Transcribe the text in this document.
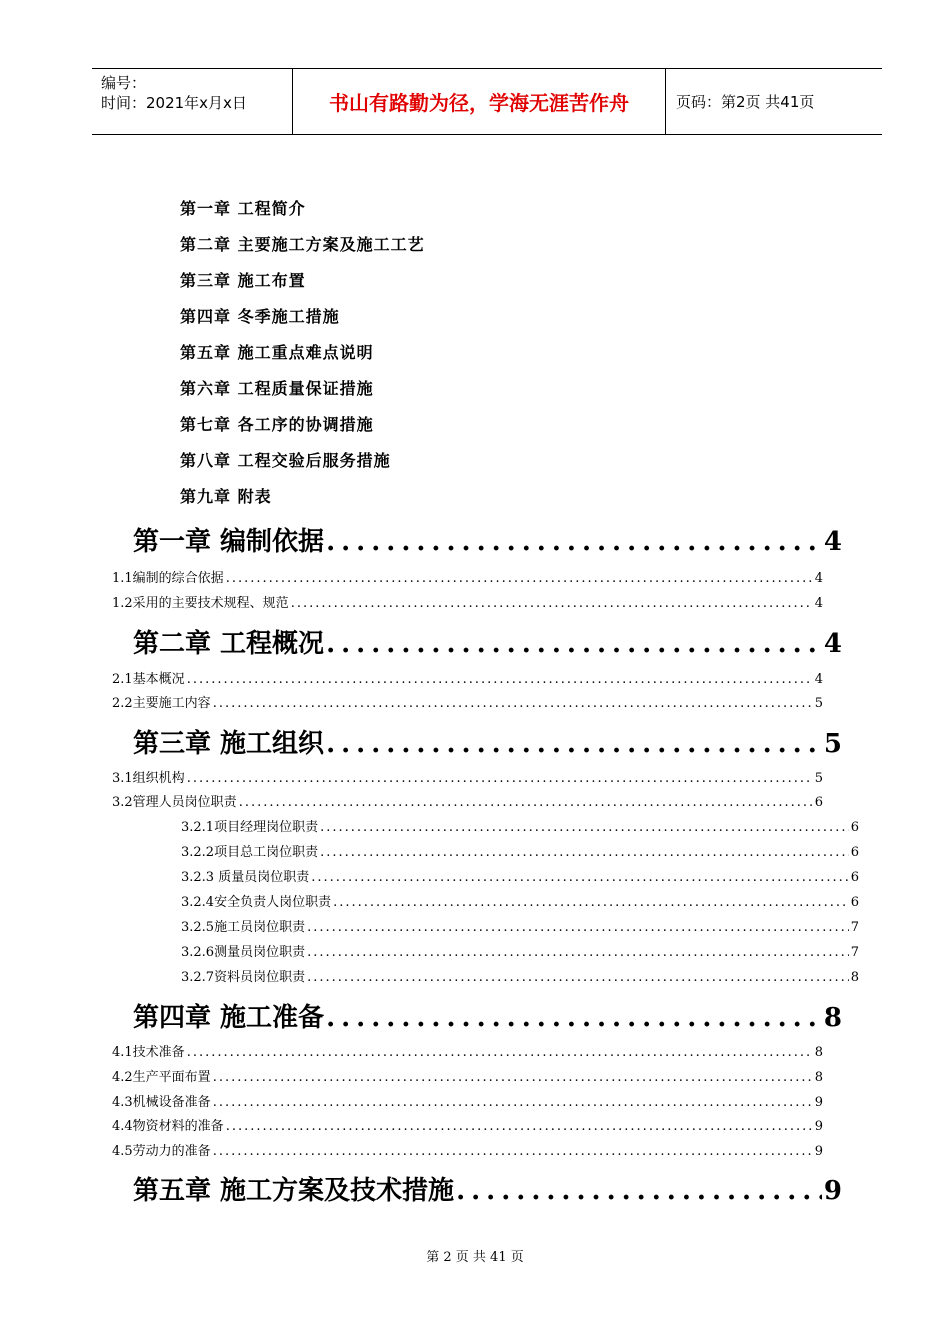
编号：
时间：2021年x月x日	书山有路勤为径，学海无涯苦作舟	页码：第2页 共41页
第一章 工程简介
第二章 主要施工方案及施工工艺
第三章 施工布置
第四章 冬季施工措施
第五章 施工重点难点说明
第六章 工程质量保证措施
第七章 各工序的协调措施
第八章 工程交验后服务措施
第九章 附表
第一章 编制依据 .....	4
1.1编制的综合依据 .....	4
1.2采用的主要技术规程、规范 .....	4
第二章 工程概况 .....	4
2.1基本概况 .....	4
2.2主要施工内容 .....	5
第三章 施工组织 .....	5
3.1组织机构 .....	5
3.2管理人员岗位职责 .....	6
3.2.1项目经理岗位职责 .....	6
3.2.2项目总工岗位职责 .....	6
3.2.3 质量员岗位职责 .....	6
3.2.4安全负责人岗位职责 .....	6
3.2.5施工员岗位职责 .....	7
3.2.6测量员岗位职责 .....	7
3.2.7资料员岗位职责 .....	8
第四章 施工准备 .....	8
4.1技术准备 .....	8
4.2生产平面布置 .....	8
4.3机械设备准备 .....	9
4.4物资材料的准备 .....	9
4.5劳动力的准备 .....	9
第五章 施工方案及技术措施 .....	9
第 2 页 共 41 页
